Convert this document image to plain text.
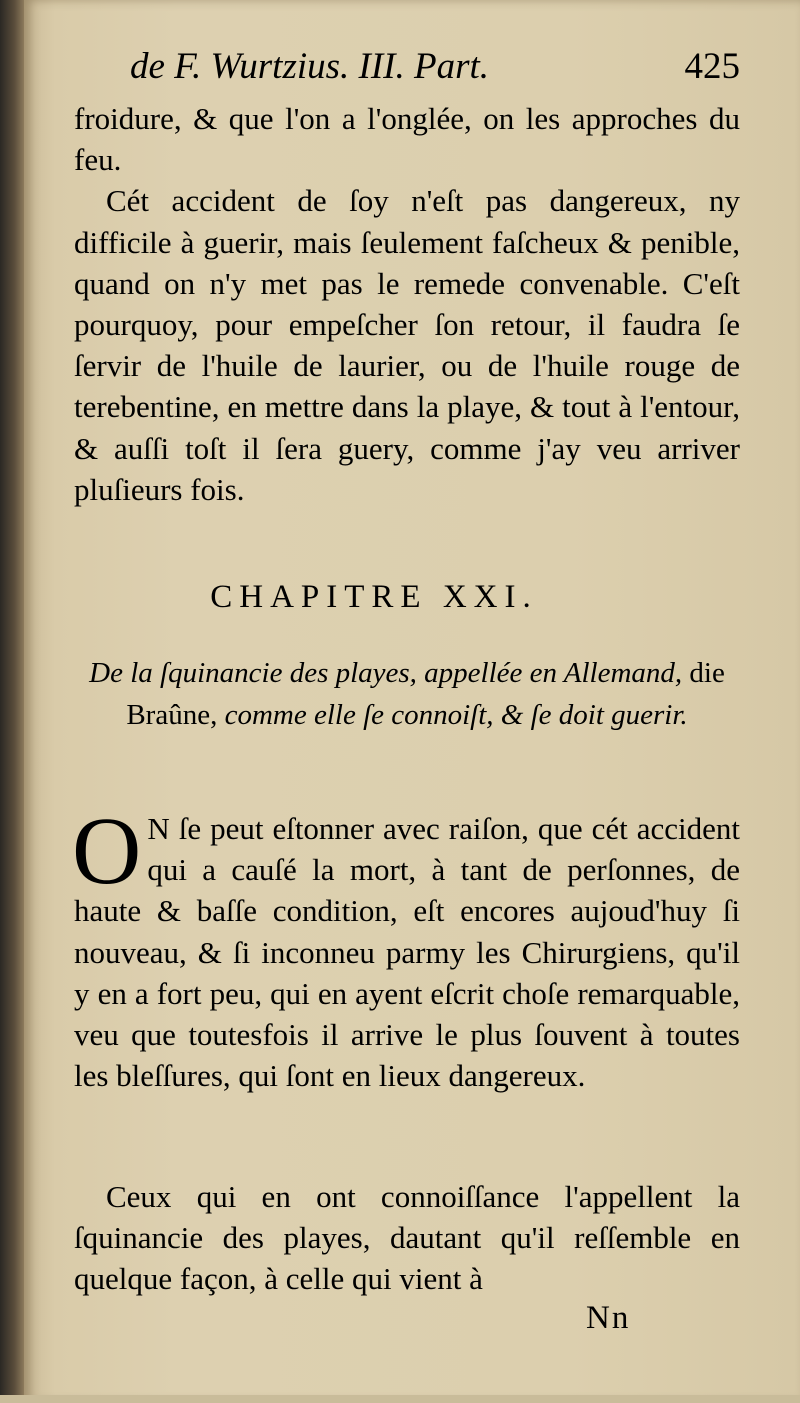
de F. Wurtzius. III. Part.	425
froidure, & que l'on a l'onglée, on les approches du feu.
Cét accident de ſoy n'eſt pas dangereux, ny difficile à guerir, mais ſeulement faſcheux & penible, quand on n'y met pas le remede convenable. C'eſt pourquoy, pour empeſcher ſon retour, il faudra ſe ſervir de l'huile de laurier, ou de l'huile rouge de terebentine, en mettre dans la playe, & tout à l'entour, & auſſi toſt il ſera guery, comme j'ay veu arriver pluſieurs fois.
CHAPITRE XXI.
De la ſquinancie des playes, appellée en Allemand, die Braûne, comme elle ſe connoiſt, & ſe doit guerir.
O N ſe peut eſtonner avec raiſon, que cét accident qui a cauſé la mort, à tant de perſonnes, de haute & baſſe condition, eſt encores aujoud'huy ſi nouveau, & ſi inconneu parmy les Chirurgiens, qu'il y en a fort peu, qui en ayent eſcrit choſe remarquable, veu que toutesfois il arrive le plus ſouvent à toutes les bleſſures, qui ſont en lieux dangereux.
Ceux qui en ont connoiſſance l'appellent la ſquinancie des playes, dautant qu'il reſſemble en quelque façon, à celle qui vient à
Nn
